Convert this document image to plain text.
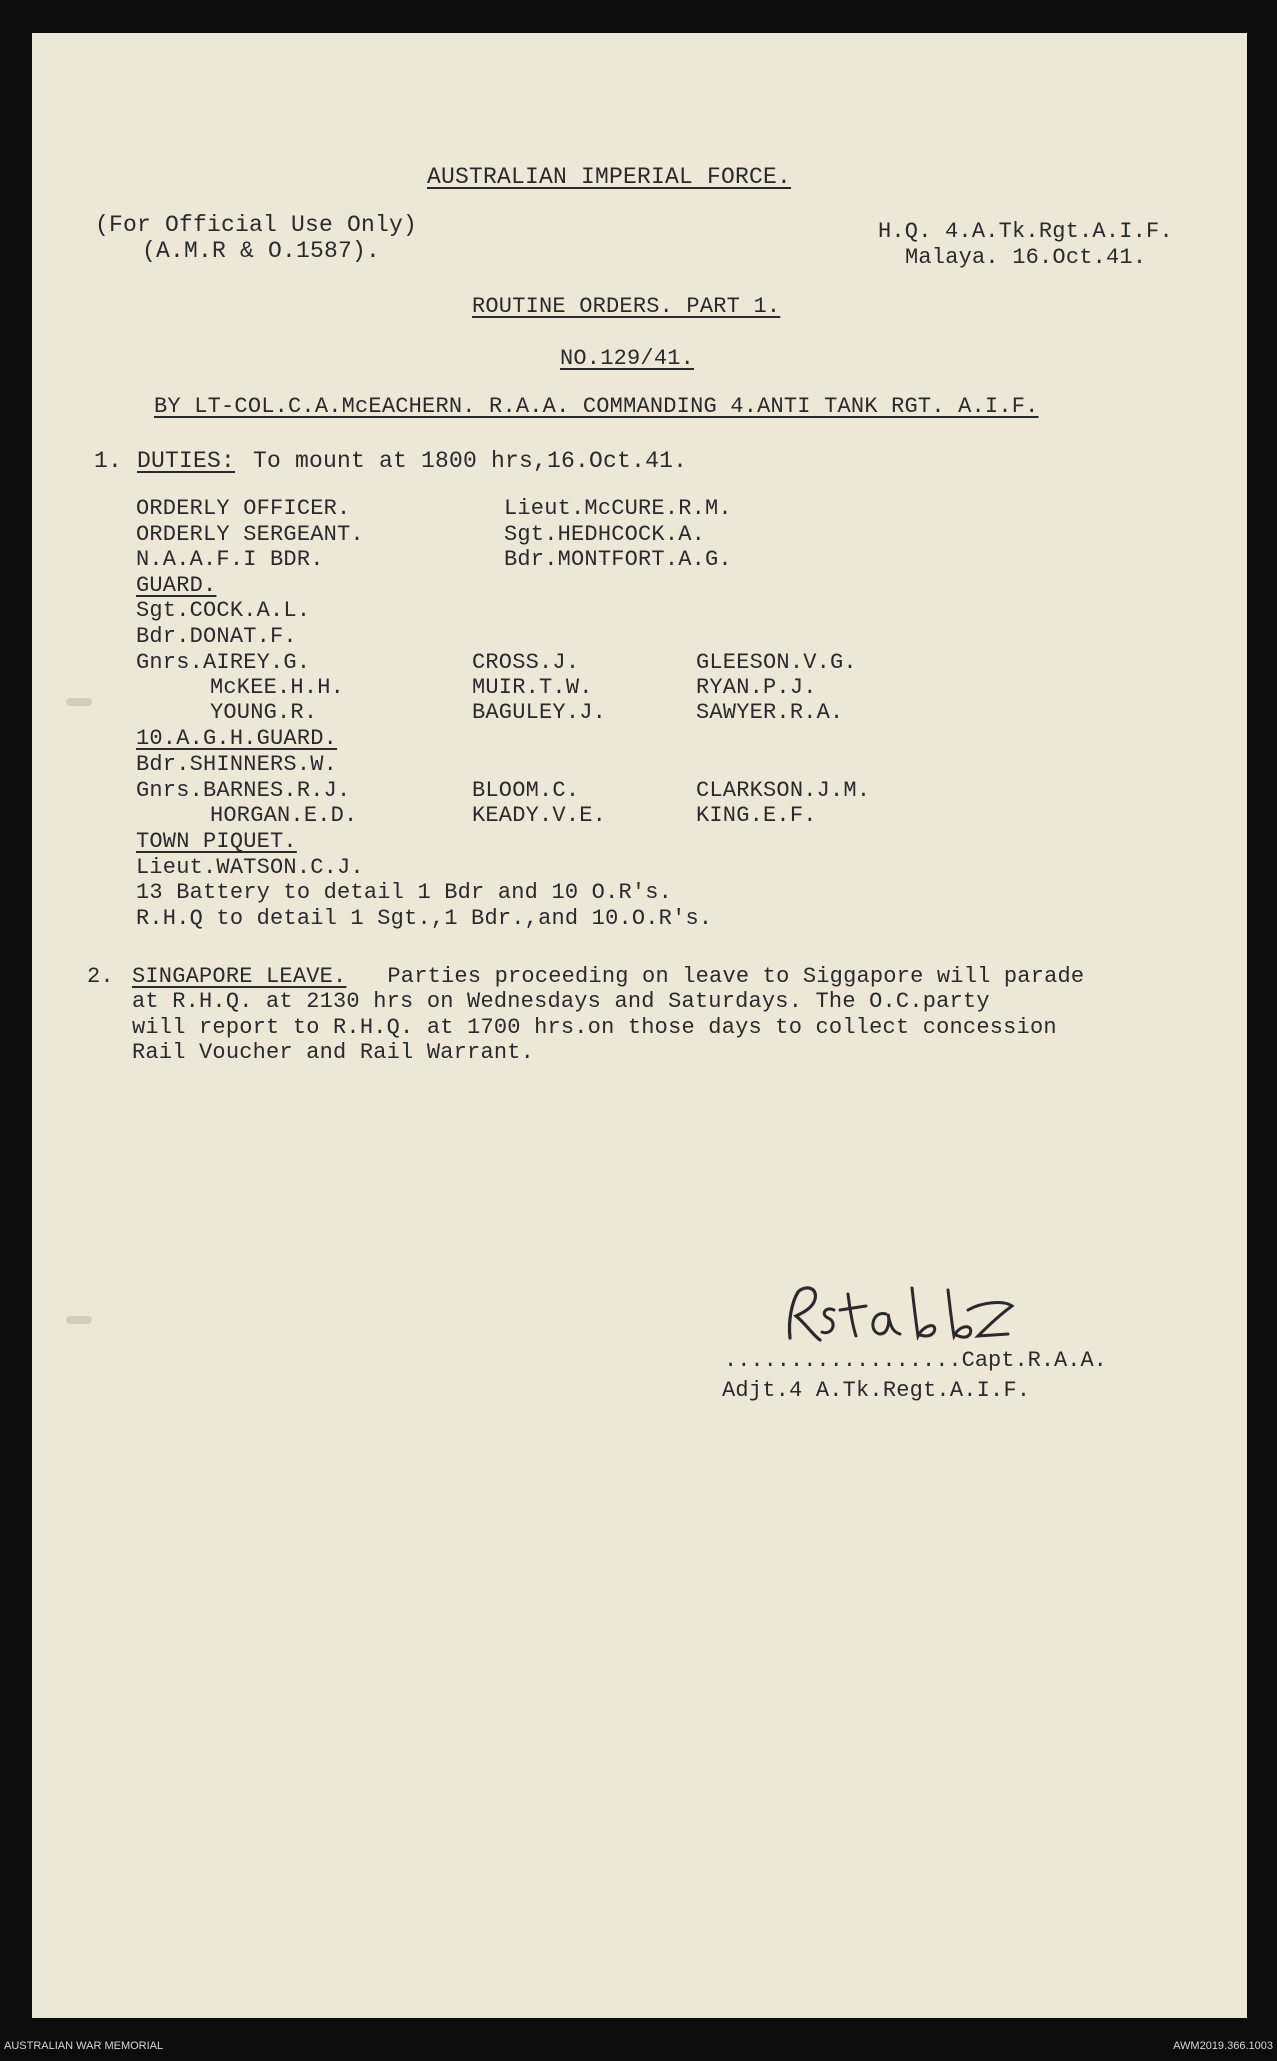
AUSTRALIAN IMPERIAL FORCE.
(For Official Use Only)
(A.M.R & O.1587).
H.Q. 4.A.Tk.Rgt.A.I.F.
Malaya. 16.Oct.41.
ROUTINE ORDERS. PART 1.
NO.129/41.
BY LT-COL.C.A.McEACHERN. R.A.A. COMMANDING 4.ANTI TANK RGT. A.I.F.
1. DUTIES: To mount at 1800 hrs,16.Oct.41.
ORDERLY OFFICER.	Lieut.McCURE.R.M.
ORDERLY SERGEANT.	Sgt.HEDHCOCK.A.
N.A.A.F.I BDR.	Bdr.MONTFORT.A.G.
GUARD.
Sgt.COCK.A.L.
Bdr.DONAT.F.
Gnrs.AIREY.G.	CROSS.J.	GLEESON.V.G.
McKEE.H.H.	MUIR.T.W.	RYAN.P.J.
YOUNG.R.	BAGULEY.J.	SAWYER.R.A.
10.A.G.H.GUARD.
Bdr.SHINNERS.W.
Gnrs.BARNES.R.J.	BLOOM.C.	CLARKSON.J.M.
HORGAN.E.D.	KEADY.V.E.	KING.E.F.
TOWN PIQUET.
Lieut.WATSON.C.J.
13 Battery to detail 1 Bdr and 10 O.R's.
R.H.Q to detail 1 Sgt.,1 Bdr.,and 10.O.R's.
2. SINGAPORE LEAVE. Parties proceeding on leave to Siggapore will parade
at R.H.Q. at 2130 hrs on Wednesdays and Saturdays. The O.C.party
will report to R.H.Q. at 1700 hrs.on those days to collect concession
Rail Voucher and Rail Warrant.
..................Capt.R.A.A.
Adjt.4 A.Tk.Regt.A.I.F.
AUSTRALIAN WAR MEMORIAL	AWM2019.366.1003
